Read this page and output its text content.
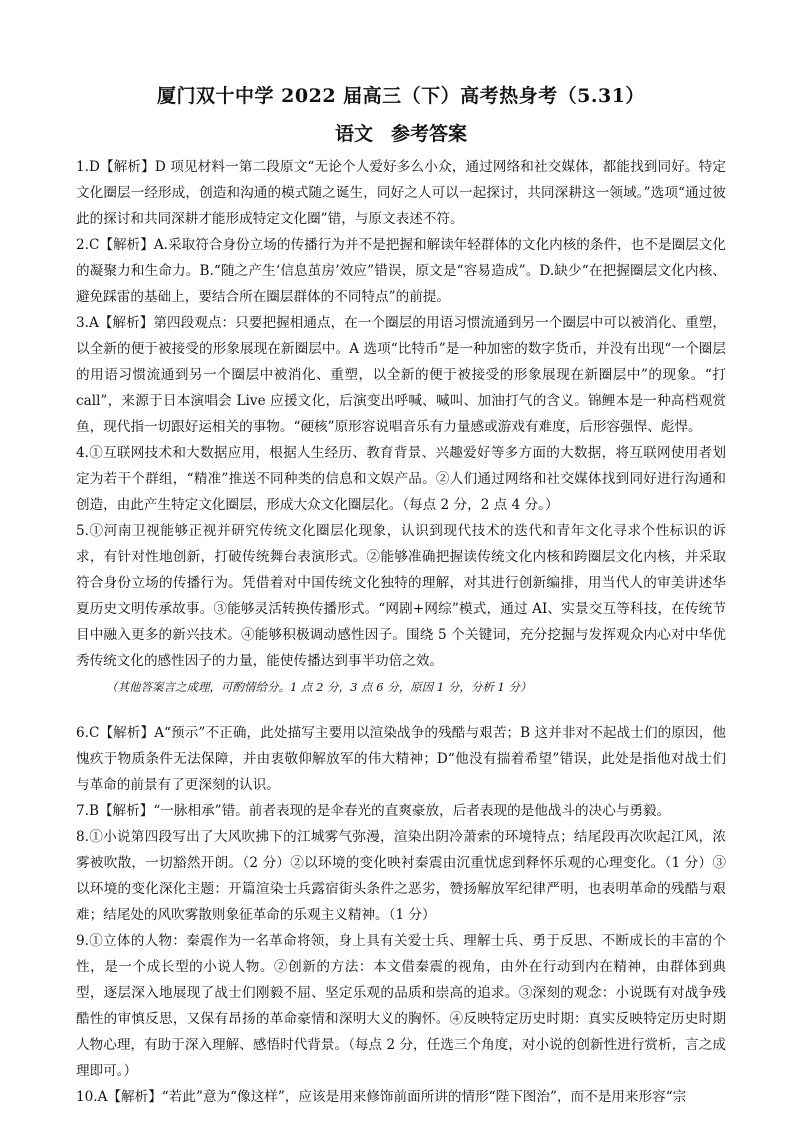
厦门双十中学 2022 届高三（下）高考热身考（5.31）
语文 参考答案

1.D【解析】D 项见材料一第二段原文“无论个人爱好多么小众，通过网络和社交媒体，都能找到同好。特定文化圈层一经形成，创造和沟通的模式随之诞生，同好之人可以一起探讨，共同深耕这一领域。”选项“通过彼此的探讨和共同深耕才能形成特定文化圈”错，与原文表述不符。

2.C【解析】A.采取符合身份立场的传播行为并不是把握和解读年轻群体的文化内核的条件，也不是圈层文化的凝聚力和生命力。B.“随之产生‘信息茧房’效应”错误，原文是“容易造成”。D.缺少“在把握圈层文化内核、避免踩雷的基础上，要结合所在圈层群体的不同特点”的前提。

3.A【解析】第四段观点：只要把握相通点，在一个圈层的用语习惯流通到另一个圈层中可以被消化、重塑，以全新的便于被接受的形象展现在新圈层中。A 选项“比特币”是一种加密的数字货币，并没有出现“一个圈层的用语习惯流通到另一个圈层中被消化、重塑，以全新的便于被接受的形象展现在新圈层中”的现象。“打 call”，来源于日本演唱会 Live 应援文化，后演变出呼喊、喊叫、加油打气的含义。锦鲤本是一种高档观赏鱼，现代指一切跟好运相关的事物。“硬核”原形容说唱音乐有力量感或游戏有难度，后形容强悍、彪悍。

4.①互联网技术和大数据应用，根据人生经历、教育背景、兴趣爱好等多方面的大数据，将互联网使用者划定为若干个群组，“精准”推送不同种类的信息和文娱产品。②人们通过网络和社交媒体找到同好进行沟通和创造，由此产生特定文化圈层，形成大众文化圈层化。（每点 2 分，2 点 4 分。）

5.①河南卫视能够正视并研究传统文化圈层化现象，认识到现代技术的迭代和青年文化寻求个性标识的诉求，有针对性地创新，打破传统舞台表演形式。②能够准确把握读传统文化内核和跨圈层文化内核，并采取符合身份立场的传播行为。凭借着对中国传统文化独特的理解，对其进行创新编排，用当代人的审美讲述华夏历史文明传承故事。③能够灵活转换传播形式。“网剧+网综”模式，通过 AI、实景交互等科技，在传统节目中融入更多的新兴技术。④能够积极调动感性因子。围绕 5 个关键词，充分挖掘与发挥观众内心对中华优秀传统文化的感性因子的力量，能使传播达到事半功倍之效。

（其他答案言之成理，可酌情给分。1 点 2 分，3 点 6 分，原因 1 分，分析 1 分）

6.C【解析】A“预示”不正确，此处描写主要用以渲染战争的残酷与艰苦；B 这并非对不起战士们的原因，他愧疚于物质条件无法保障，并由衷敬仰解放军的伟大精神；D“他没有揣着希望”错误，此处是指他对战士们与革命的前景有了更深刻的认识。

7.B【解析】“一脉相承”错。前者表现的是伞春光的直爽豪放，后者表现的是他战斗的决心与勇毅。

8.①小说第四段写出了大风吹拂下的江城雾气弥漫，渲染出阴冷萧索的环境特点；结尾段再次吹起江风，浓雾被吹散，一切豁然开朗。（2 分）②以环境的变化映衬秦震由沉重忧虑到释怀乐观的心理变化。（1 分）③以环境的变化深化主题：开篇渲染士兵露宿街头条件之恶劣，赞扬解放军纪律严明，也表明革命的残酷与艰难；结尾处的风吹雾散则象征革命的乐观主义精神。（1 分）

9.①立体的人物：秦震作为一名革命将领，身上具有关爱士兵、理解士兵、勇于反思、不断成长的丰富的个性，是一个成长型的小说人物。②创新的方法：本文借秦震的视角，由外在行动到内在精神，由群体到典型，逐层深入地展现了战士们刚毅不屈、坚定乐观的品质和崇高的追求。③深刻的观念：小说既有对战争残酷性的审慎反思，又保有昂扬的革命豪情和深明大义的胸怀。④反映特定历史时期：真实反映特定历史时期人物心理，有助于深入理解、感悟时代背景。（每点 2 分，任选三个角度，对小说的创新性进行赏析，言之成理即可。）

10.A【解析】“若此”意为“像这样”，应该是用来修饰前面所讲的情形“陛下图治”，而不是用来形容“宗
